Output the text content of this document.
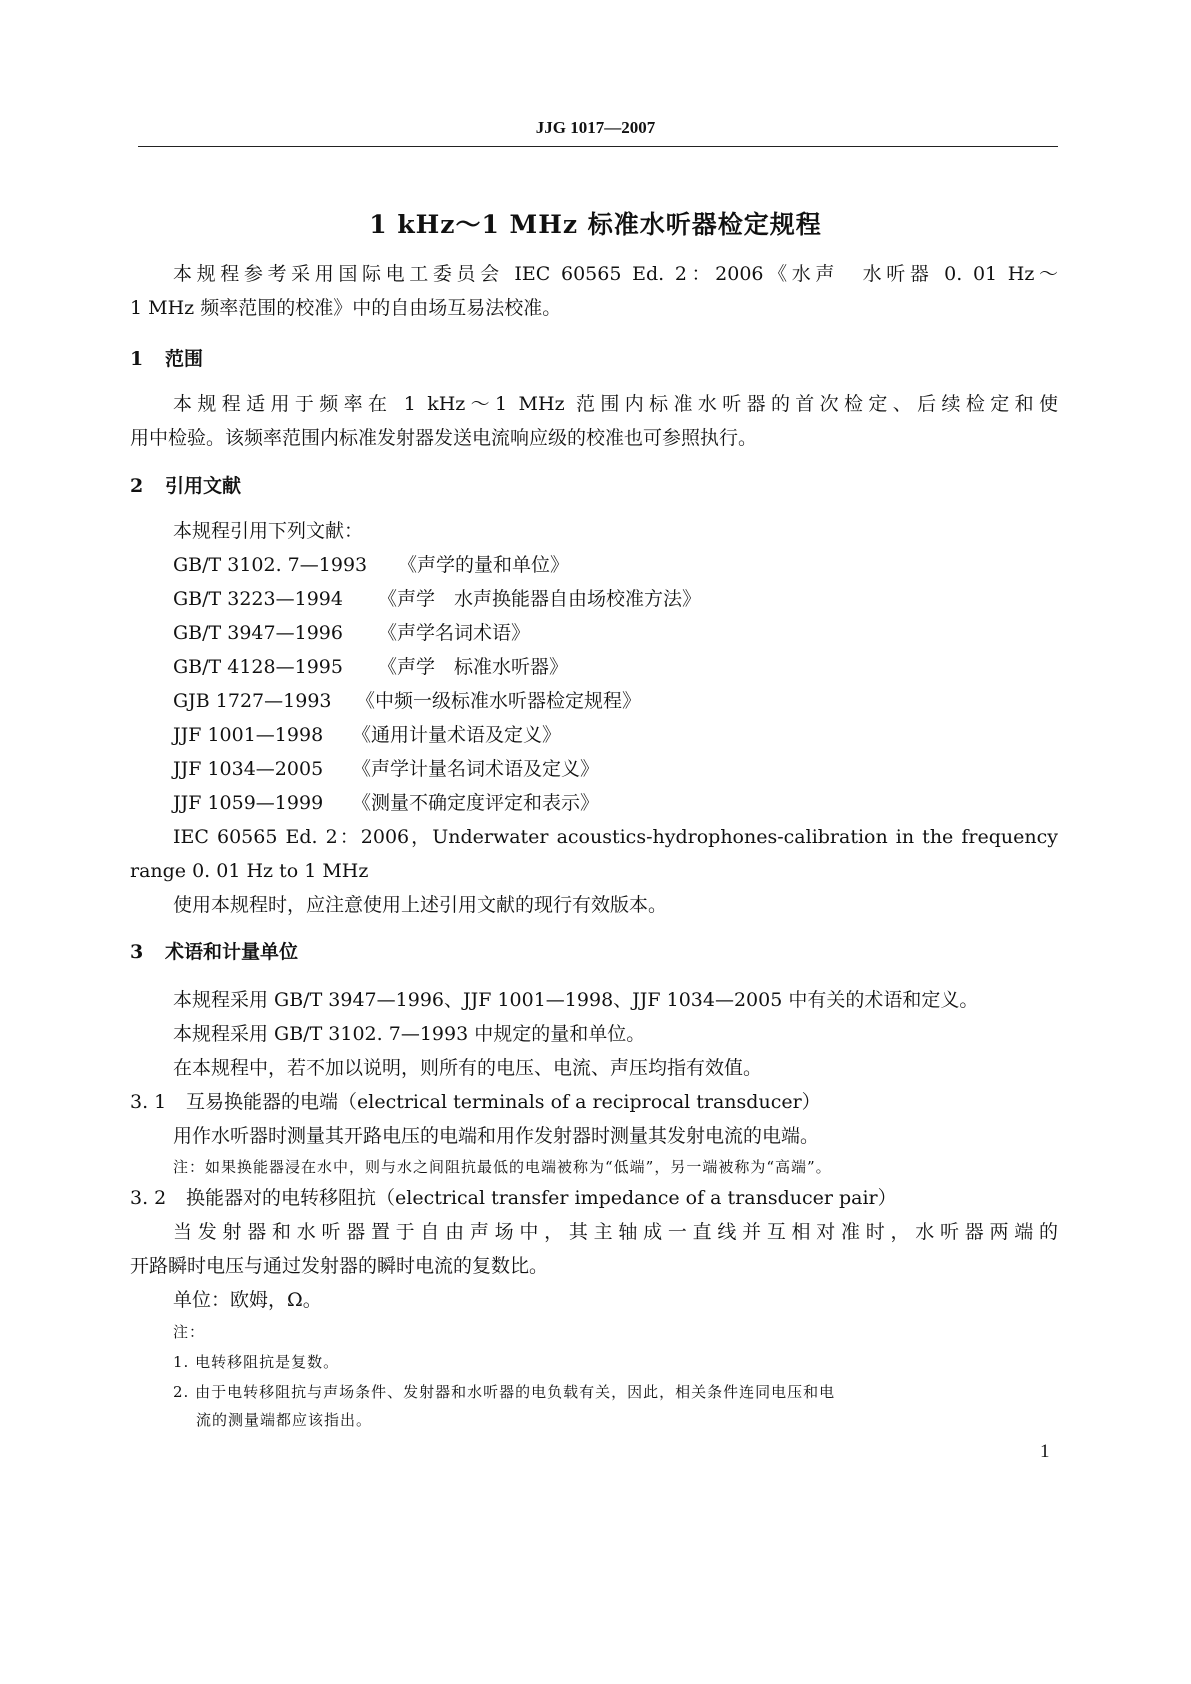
JJG 1017—2007
1 kHz～1 MHz 标准水听器检定规程
本规程参考采用国际电工委员会 IEC 60565 Ed. 2：2006《水声　水听器 0. 01 Hz～
1 MHz 频率范围的校准》中的自由场互易法校准。
1 范围
本规程适用于频率在 1 kHz～1 MHz 范围内标准水听器的首次检定、后续检定和使
用中检验。该频率范围内标准发射器发送电流响应级的校准也可参照执行。
2 引用文献
本规程引用下列文献：
GB/T 3102. 7—1993 《声学的量和单位》
GB/T 3223—1994 《声学　水声换能器自由场校准方法》
GB/T 3947—1996 《声学名词术语》
GB/T 4128—1995 《声学　标准水听器》
GJB 1727—1993 《中频一级标准水听器检定规程》
JJF 1001—1998 《通用计量术语及定义》
JJF 1034—2005 《声学计量名词术语及定义》
JJF 1059—1999 《测量不确定度评定和表示》
IEC 60565 Ed. 2：2006，Underwater acoustics-hydrophones-calibration in the frequency
range 0. 01 Hz to 1 MHz
使用本规程时，应注意使用上述引用文献的现行有效版本。
3 术语和计量单位
本规程采用 GB/T 3947—1996、JJF 1001—1998、JJF 1034—2005 中有关的术语和定义。
本规程采用 GB/T 3102. 7—1993 中规定的量和单位。
在本规程中，若不加以说明，则所有的电压、电流、声压均指有效值。
3. 1 互易换能器的电端（electrical terminals of a reciprocal transducer）
用作水听器时测量其开路电压的电端和用作发射器时测量其发射电流的电端。
注：如果换能器浸在水中，则与水之间阻抗最低的电端被称为“低端”，另一端被称为“高端”。
3. 2 换能器对的电转移阻抗（electrical transfer impedance of a transducer pair）
当发射器和水听器置于自由声场中，其主轴成一直线并互相对准时，水听器两端的
开路瞬时电压与通过发射器的瞬时电流的复数比。
单位：欧姆，Ω。
注：
1. 电转移阻抗是复数。
2. 由于电转移阻抗与声场条件、发射器和水听器的电负载有关，因此，相关条件连同电压和电
流的测量端都应该指出。
1
